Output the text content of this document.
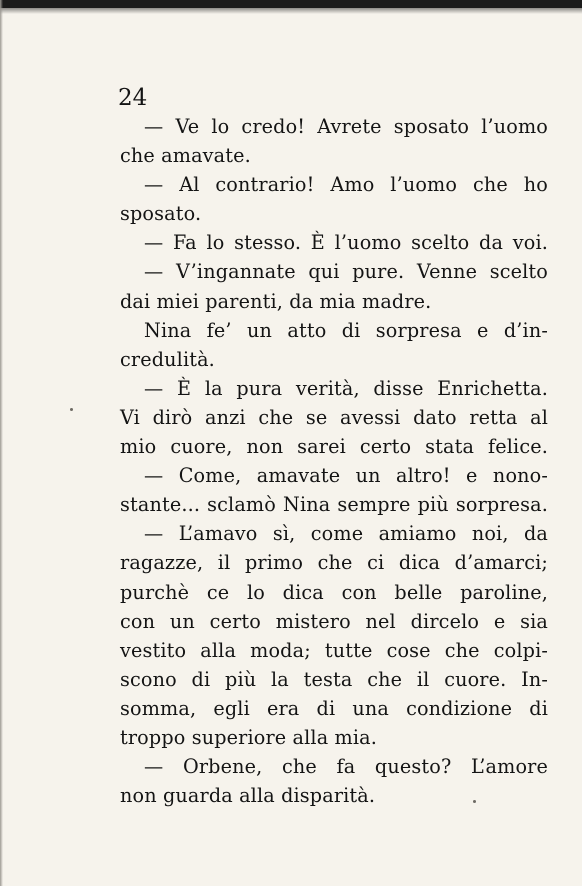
24
— Ve lo credo! Avrete sposato l’uomo
che amavate.
— Al contrario! Amo l’uomo che ho
sposato.
— Fa lo stesso. È l’uomo scelto da voi.
— V’ingannate qui pure. Venne scelto
dai miei parenti, da mia madre.
Nina fe’ un atto di sorpresa e d’in-
credulità.
— È la pura verità, disse Enrichetta.
Vi dirò anzi che se avessi dato retta al
mio cuore, non sarei certo stata felice.
— Come, amavate un altro! e nono-
stante... sclamò Nina sempre più sorpresa.
— L’amavo sì, come amiamo noi, da
ragazze, il primo che ci dica d’amarci;
purchè ce lo dica con belle paroline,
con un certo mistero nel dircelo e sia
vestito alla moda; tutte cose che colpi-
scono di più la testa che il cuore. In-
somma, egli era di una condizione di
troppo superiore alla mia.
— Orbene, che fa questo? L’amore
non guarda alla disparità.
